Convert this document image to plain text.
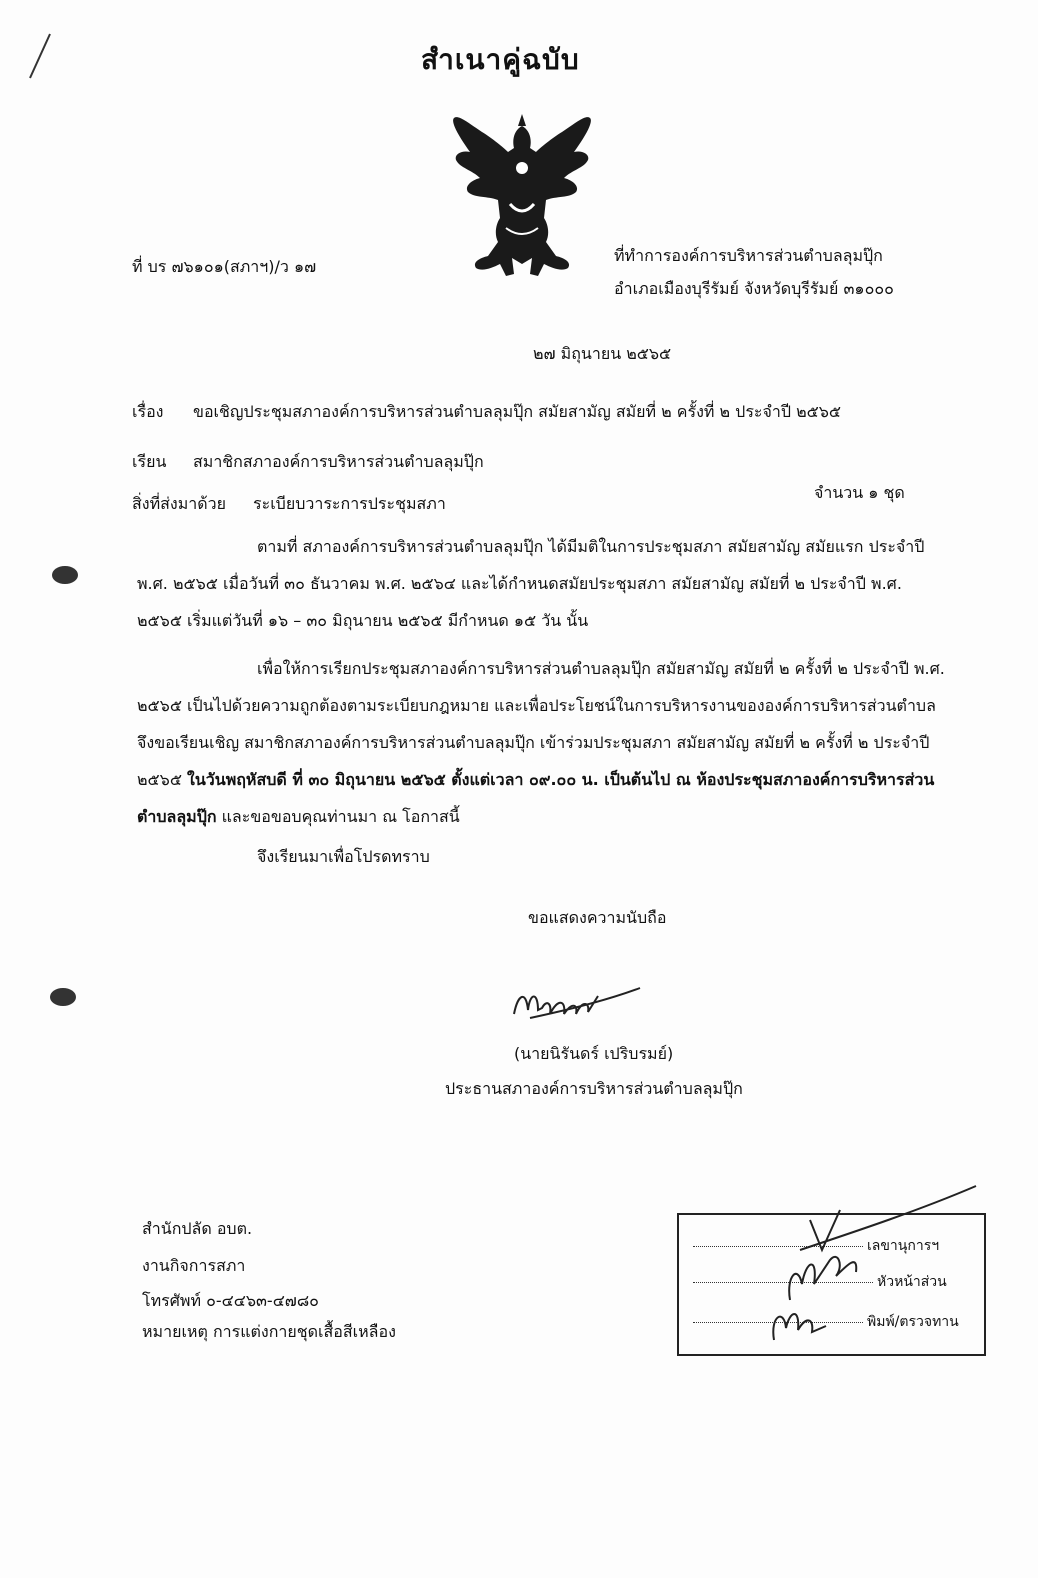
สำเนาคู่ฉบับ
ที่ บร ๗๖๑๐๑(สภาฯ)/ว ๑๗
ที่ทำการองค์การบริหารส่วนตำบลลุมปุ๊ก
อำเภอเมืองบุรีรัมย์ จังหวัดบุรีรัมย์ ๓๑๐๐๐
๒๗ มิถุนายน ๒๕๖๕
เรื่อง ขอเชิญประชุมสภาองค์การบริหารส่วนตำบลลุมปุ๊ก สมัยสามัญ สมัยที่ ๒ ครั้งที่ ๒ ประจำปี ๒๕๖๕
เรียน สมาชิกสภาองค์การบริหารส่วนตำบลลุมปุ๊ก
สิ่งที่ส่งมาด้วย ระเบียบวาระการประชุมสภา
จำนวน ๑ ชุด
ตามที่ สภาองค์การบริหารส่วนตำบลลุมปุ๊ก ได้มีมติในการประชุมสภา สมัยสามัญ สมัยแรก ประจำปี พ.ศ. ๒๕๖๕ เมื่อวันที่ ๓๐ ธันวาคม พ.ศ. ๒๕๖๔ และได้กำหนดสมัยประชุมสภา สมัยสามัญ สมัยที่ ๒ ประจำปี พ.ศ. ๒๕๖๕ เริ่มแต่วันที่ ๑๖ – ๓๐ มิถุนายน ๒๕๖๕ มีกำหนด ๑๕ วัน นั้น
เพื่อให้การเรียกประชุมสภาองค์การบริหารส่วนตำบลลุมปุ๊ก สมัยสามัญ สมัยที่ ๒ ครั้งที่ ๒ ประจำปี พ.ศ. ๒๕๖๕ เป็นไปด้วยความถูกต้องตามระเบียบกฎหมาย และเพื่อประโยชน์ในการบริหารงานขององค์การบริหารส่วนตำบล จึงขอเรียนเชิญ สมาชิกสภาองค์การบริหารส่วนตำบลลุมปุ๊ก เข้าร่วมประชุมสภา สมัยสามัญ สมัยที่ ๒ ครั้งที่ ๒ ประจำปี ๒๕๖๕ ในวันพฤหัสบดี ที่ ๓๐ มิถุนายน ๒๕๖๕ ตั้งแต่เวลา ๐๙.๐๐ น. เป็นต้นไป ณ ห้องประชุมสภาองค์การบริหารส่วนตำบลลุมปุ๊ก และขอขอบคุณท่านมา ณ โอกาสนี้
จึงเรียนมาเพื่อโปรดทราบ
ขอแสดงความนับถือ
(นายนิรันดร์ เปริบรมย์)
ประธานสภาองค์การบริหารส่วนตำบลลุมปุ๊ก
สำนักปลัด อบต.
งานกิจการสภา
โทรศัพท์ ๐-๔๔๖๓-๔๗๘๐
หมายเหตุ การแต่งกายชุดเสื้อสีเหลือง
เลขานุการฯ
หัวหน้าส่วน
พิมพ์/ตรวจทาน
